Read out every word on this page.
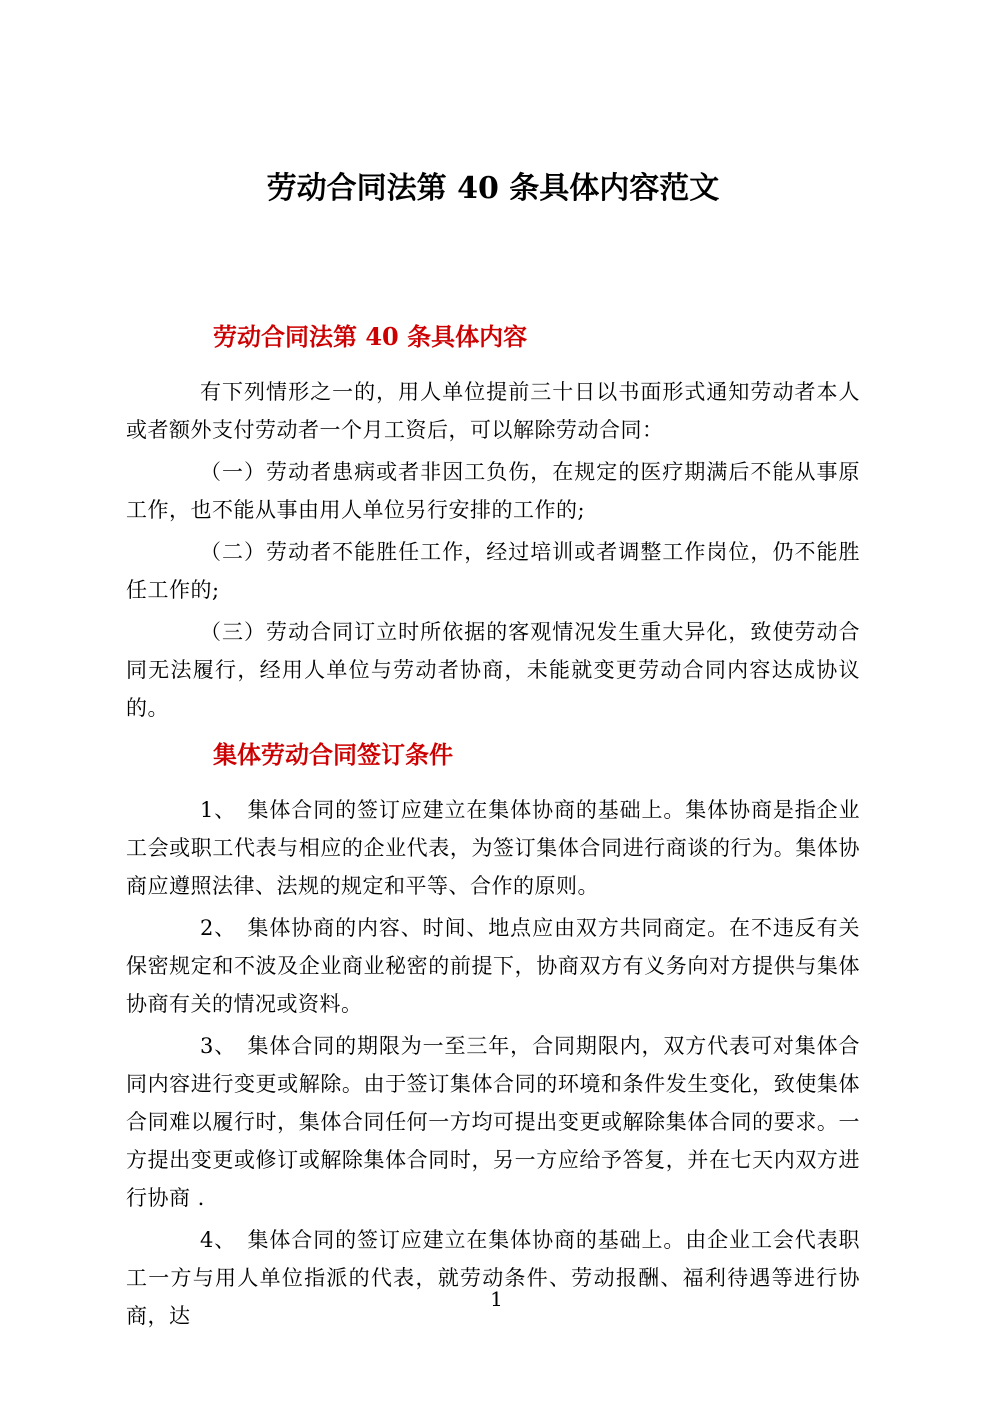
劳动合同法第 40 条具体内容范文
劳动合同法第 40 条具体内容

有下列情形之一的，用人单位提前三十日以书面形式通知劳动者本人或者额外支付劳动者一个月工资后，可以解除劳动合同：

（一）劳动者患病或者非因工负伤，在规定的医疗期满后不能从事原工作，也不能从事由用人单位另行安排的工作的;

（二）劳动者不能胜任工作，经过培训或者调整工作岗位，仍不能胜任工作的;

（三）劳动合同订立时所依据的客观情况发生重大异化，致使劳动合同无法履行，经用人单位与劳动者协商，未能就变更劳动合同内容达成协议的。

集体劳动合同签订条件

1、　集体合同的签订应建立在集体协商的基础上。集体协商是指企业工会或职工代表与相应的企业代表，为签订集体合同进行商谈的行为。集体协商应遵照法律、法规的规定和平等、合作的原则。

2、　集体协商的内容、时间、地点应由双方共同商定。在不违反有关保密规定和不波及企业商业秘密的前提下，协商双方有义务向对方提供与集体协商有关的情况或资料。

3、　集体合同的期限为一至三年，合同期限内，双方代表可对集体合同内容进行变更或解除。由于签订集体合同的环境和条件发生变化，致使集体合同难以履行时，集体合同任何一方均可提出变更或解除集体合同的要求。一方提出变更或修订或解除集体合同时，另一方应给予答复，并在七天内双方进行协商 .

4、　集体合同的签订应建立在集体协商的基础上。由企业工会代表职工一方与用人单位指派的代表，就劳动条件、劳动报酬、福利待遇等进行协商，达

1
